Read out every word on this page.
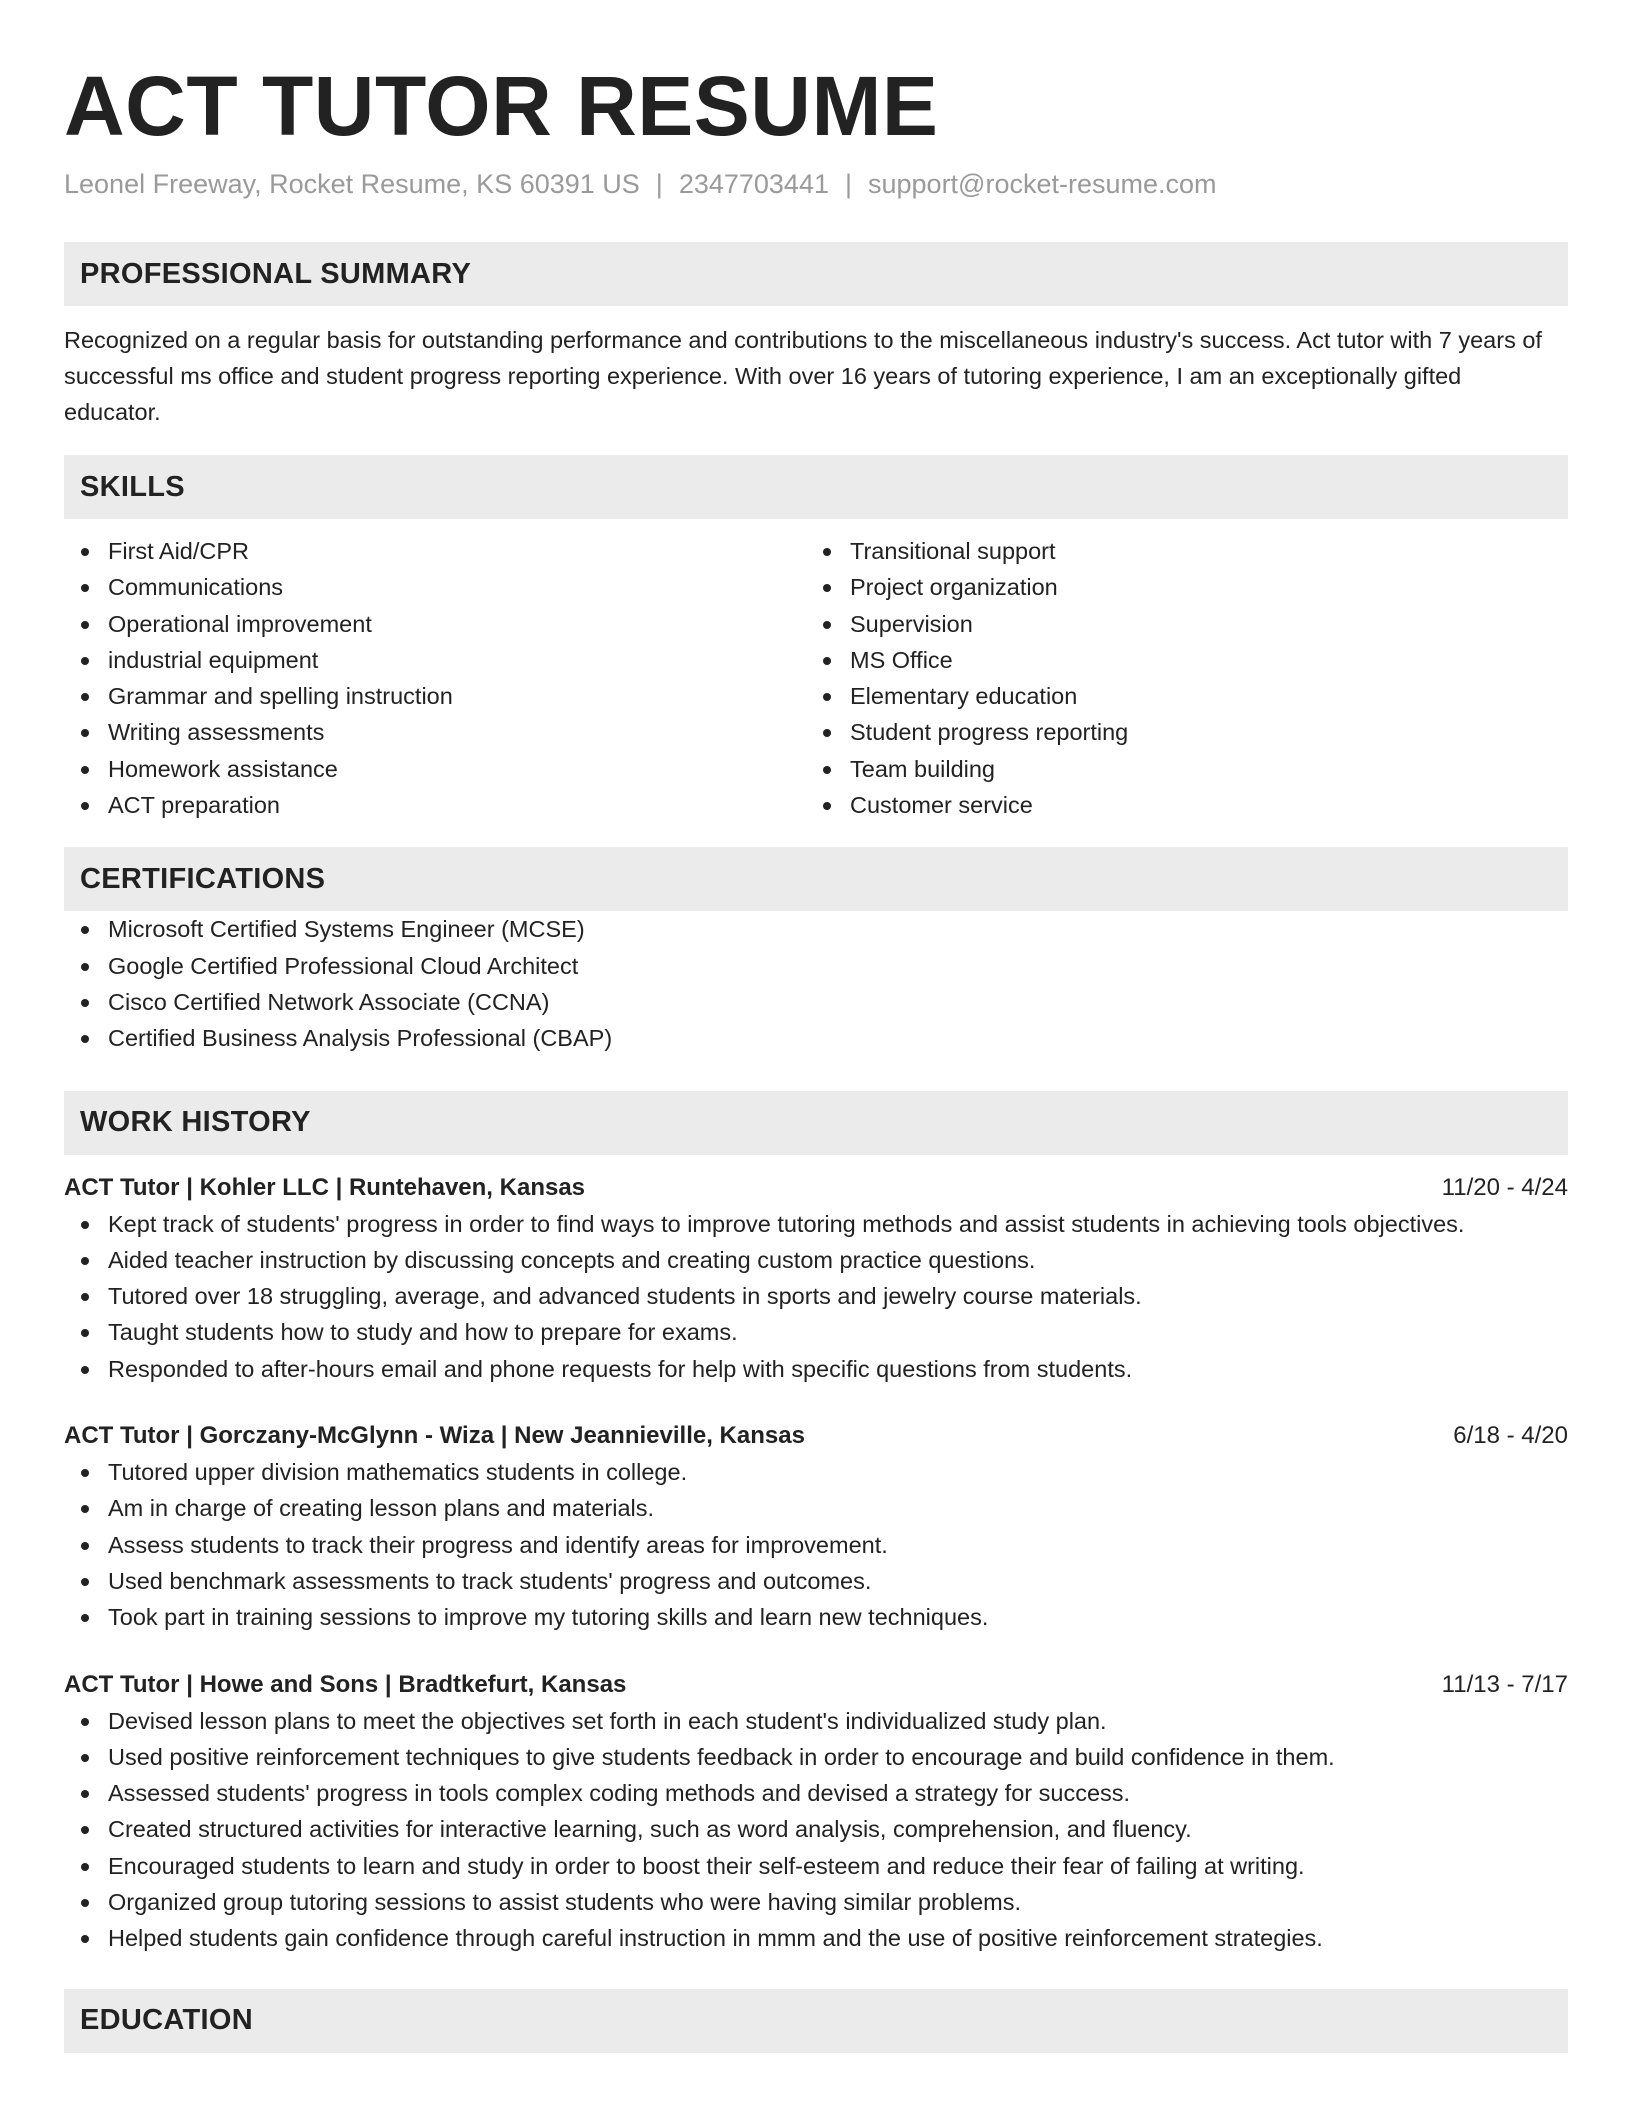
ACT TUTOR RESUME
Leonel Freeway, Rocket Resume, KS 60391 US | 2347703441 | support@rocket-resume.com
PROFESSIONAL SUMMARY

Recognized on a regular basis for outstanding performance and contributions to the miscellaneous industry's success. Act tutor with 7 years of successful ms office and student progress reporting experience. With over 16 years of tutoring experience, I am an exceptionally gifted educator.

SKILLS
First Aid/CPR
Communications
Operational improvement
industrial equipment
Grammar and spelling instruction
Writing assessments
Homework assistance
ACT preparation
Transitional support
Project organization
Supervision
MS Office
Elementary education
Student progress reporting
Team building
Customer service
CERTIFICATIONS
Microsoft Certified Systems Engineer (MCSE)
Google Certified Professional Cloud Architect
Cisco Certified Network Associate (CCNA)
Certified Business Analysis Professional (CBAP)
WORK HISTORY
ACT Tutor | Kohler LLC | Runtehaven, Kansas	11/20 - 4/24
Kept track of students' progress in order to find ways to improve tutoring methods and assist students in achieving tools objectives.
Aided teacher instruction by discussing concepts and creating custom practice questions.
Tutored over 18 struggling, average, and advanced students in sports and jewelry course materials.
Taught students how to study and how to prepare for exams.
Responded to after-hours email and phone requests for help with specific questions from students.
ACT Tutor | Gorczany-McGlynn - Wiza | New Jeannieville, Kansas	6/18 - 4/20
Tutored upper division mathematics students in college.
Am in charge of creating lesson plans and materials.
Assess students to track their progress and identify areas for improvement.
Used benchmark assessments to track students' progress and outcomes.
Took part in training sessions to improve my tutoring skills and learn new techniques.
ACT Tutor | Howe and Sons | Bradtkefurt, Kansas	11/13 - 7/17
Devised lesson plans to meet the objectives set forth in each student's individualized study plan.
Used positive reinforcement techniques to give students feedback in order to encourage and build confidence in them.
Assessed students' progress in tools complex coding methods and devised a strategy for success.
Created structured activities for interactive learning, such as word analysis, comprehension, and fluency.
Encouraged students to learn and study in order to boost their self-esteem and reduce their fear of failing at writing.
Organized group tutoring sessions to assist students who were having similar problems.
Helped students gain confidence through careful instruction in mmm and the use of positive reinforcement strategies.
EDUCATION
